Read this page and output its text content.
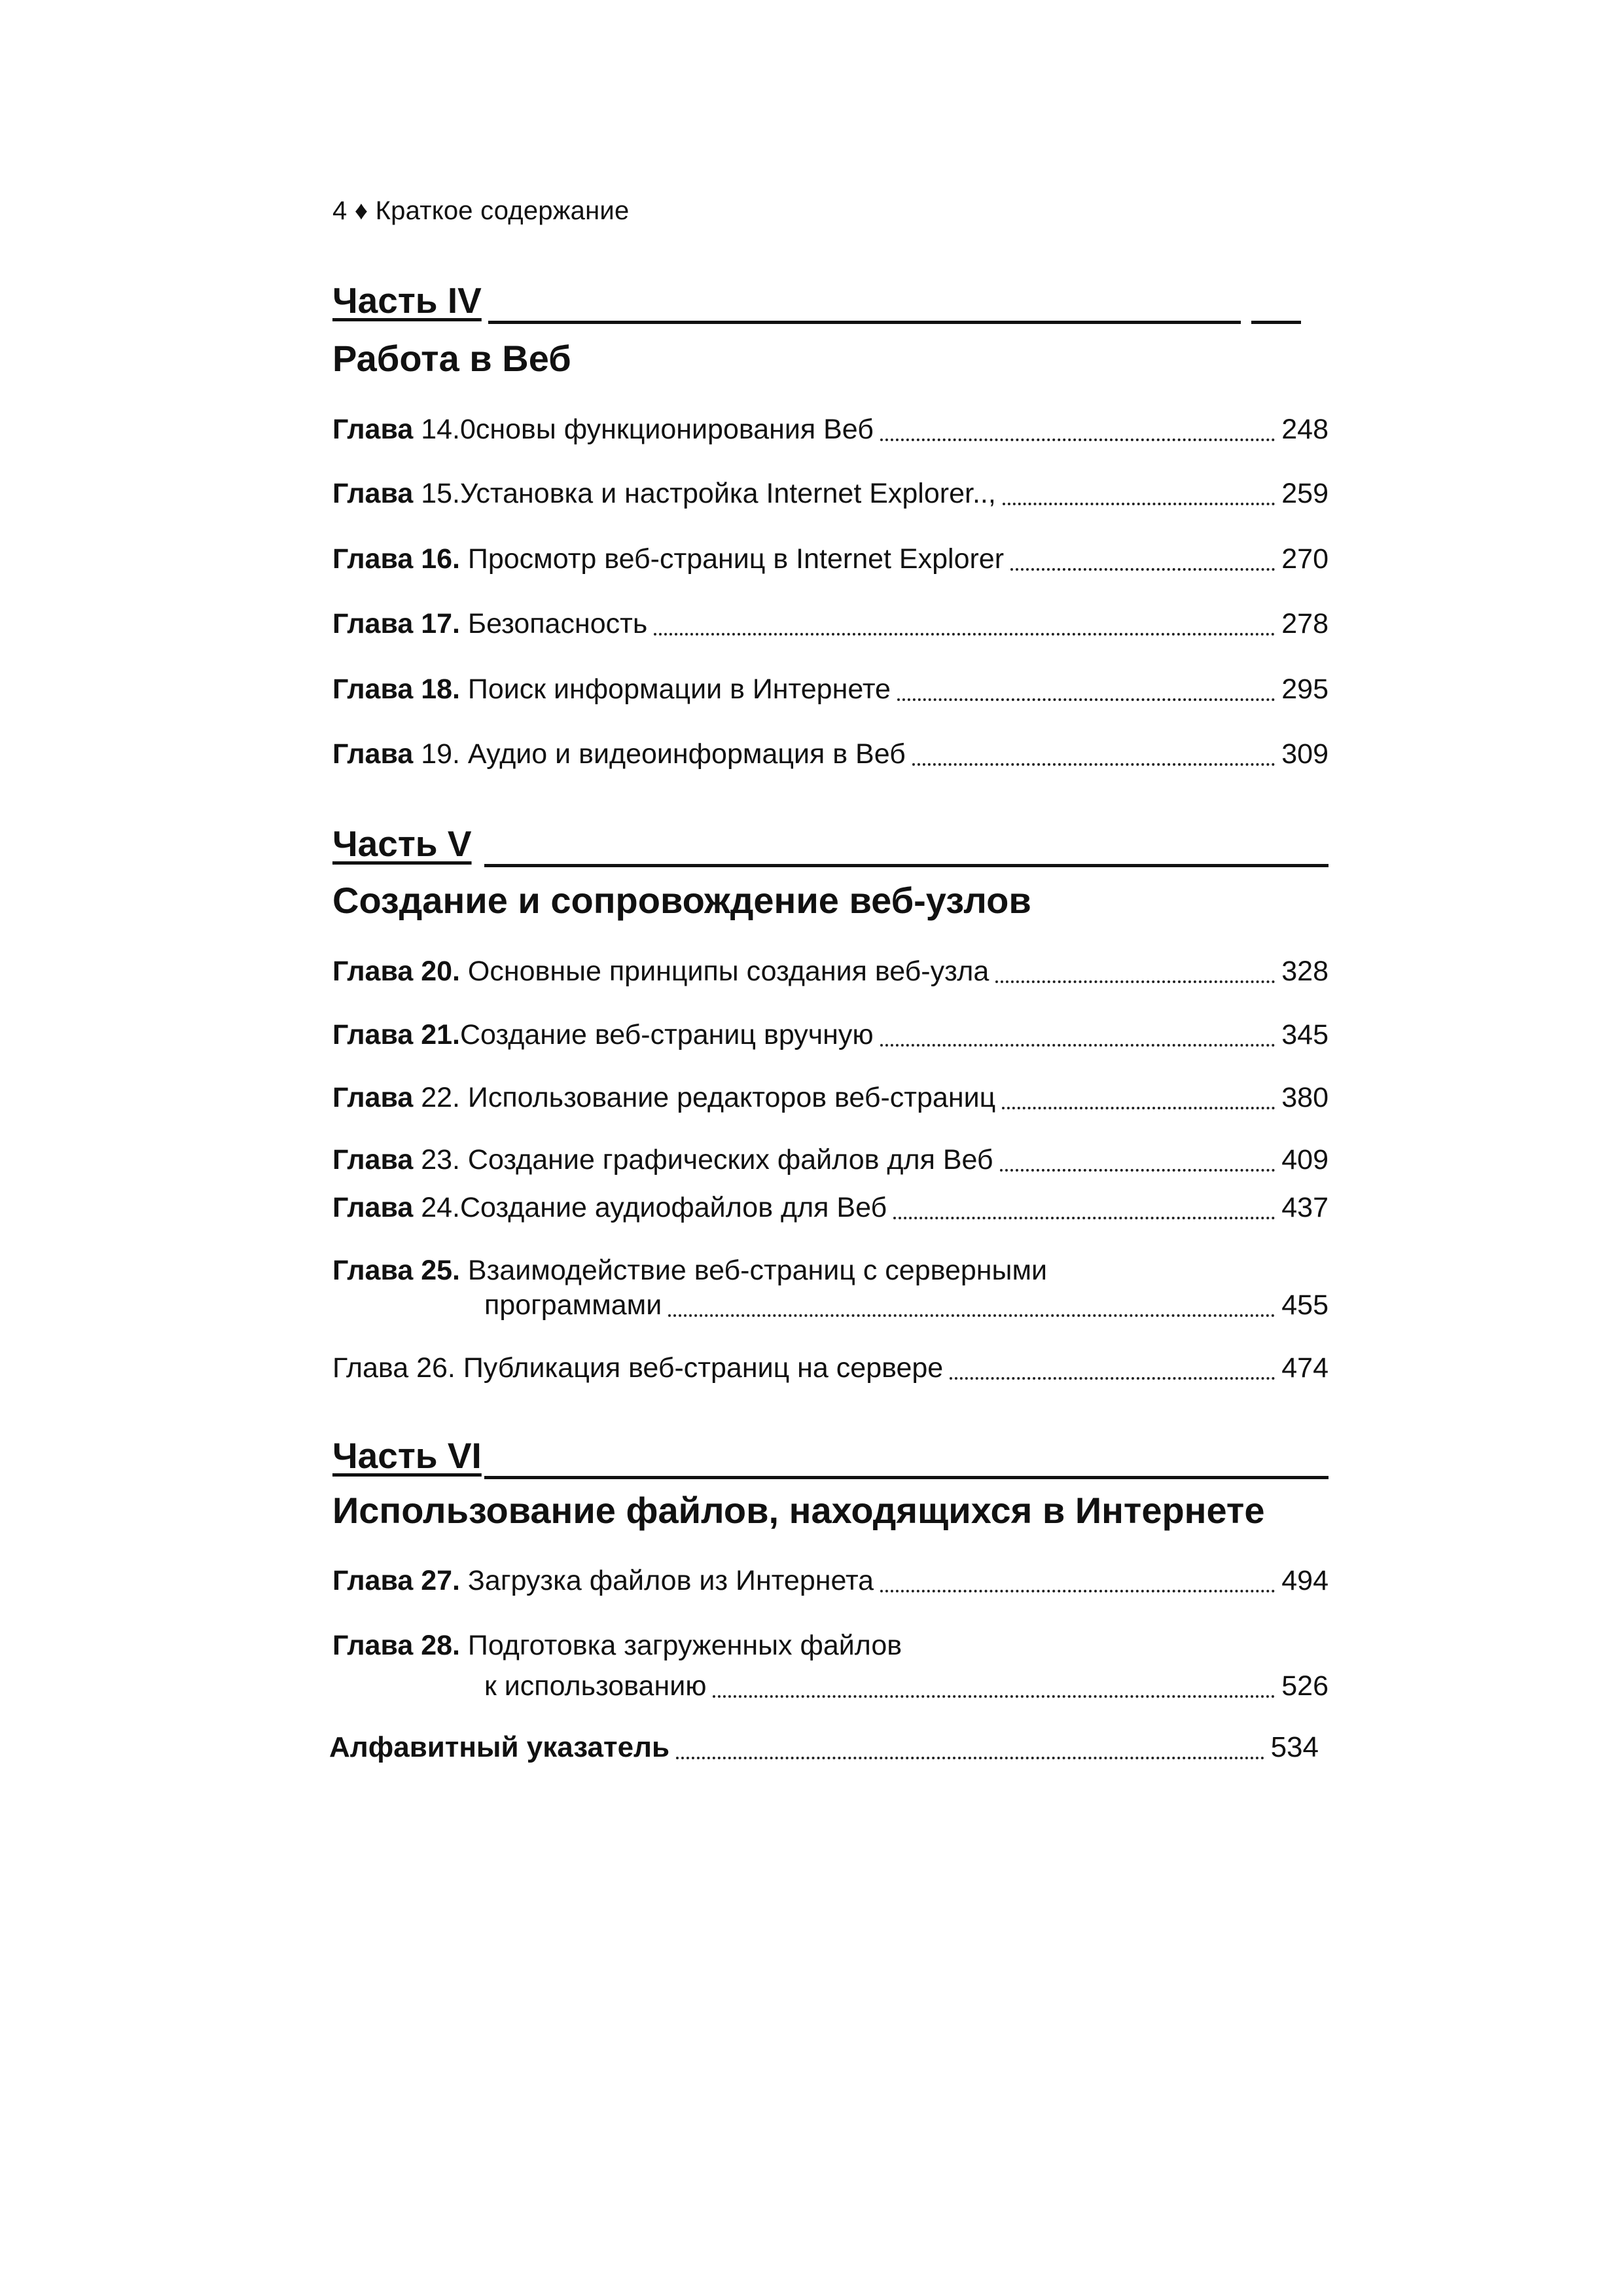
4 ♦ Краткое содержание
Часть IV
Работа в Веб
Глава 14.0сновы функционирования Веб	248
Глава 15.Установка и настройка Internet Explorer..,	259
Глава 16. Просмотр веб-страниц в Internet Explorer	270
Глава 17. Безопасность	278
Глава 18. Поиск информации в Интернете	295
Глава 19. Аудио и видеоинформация в Веб	309
Часть V
Создание и сопровождение веб-узлов
Глава 20. Основные принципы создания веб-узла	328
Глава 21.Создание веб-страниц вручную	345
Глава 22. Использование редакторов веб-страниц	380
Глава 23. Создание графических файлов для Веб	409
Глава 24.Создание аудиофайлов для Веб	437
Глава 25. Взаимодействие веб-страниц с серверными
программами	455
Глава 26. Публикация веб-страниц на сервере	474
Часть VI
Использование файлов, находящихся в Интернете
Глава 27. Загрузка файлов из Интернета	494
Глава 28. Подготовка загруженных файлов
к использованию	526
Алфавитный указатель	534
